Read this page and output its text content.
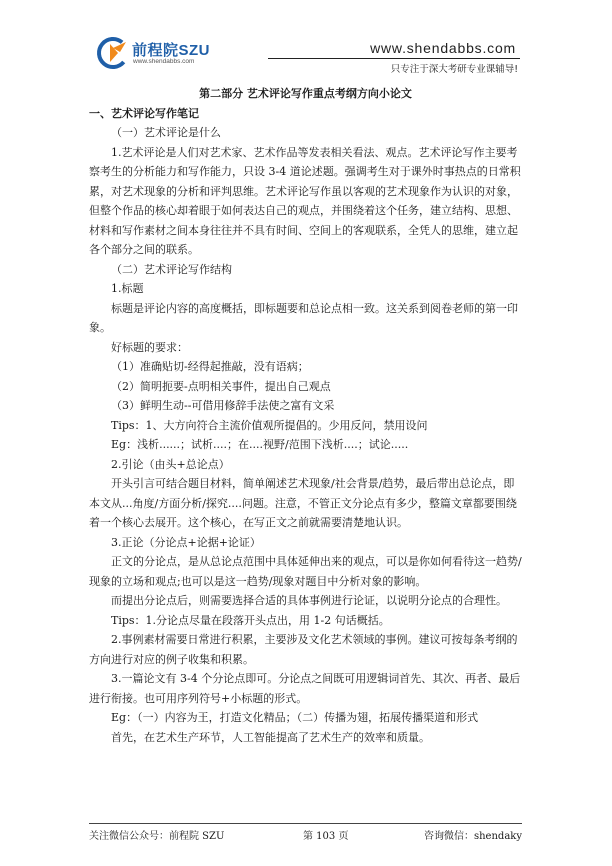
前程院SZU
www.shendabbs.com
www.shendabbs.com
只专注于深大考研专业课辅导!

第二部分 艺术评论写作重点考纲方向小论文

一、艺术评论写作笔记

（一）艺术评论是什么

1.艺术评论是人们对艺术家、艺术作品等发表相关看法、观点。艺术评论写作主要考察考生的分析能力和写作能力，只设 3-4 道论述题。强调考生对于课外时事热点的日常积累，对艺术现象的分析和评判思维。艺术评论写作虽以客观的艺术现象作为认识的对象，但整个作品的核心却着眼于如何表达自己的观点，并围绕着这个任务，建立结构、思想、材料和写作素材之间本身往往并不具有时间、空间上的客观联系，全凭人的思维，建立起各个部分之间的联系。

（二）艺术评论写作结构

1.标题

标题是评论内容的高度概括，即标题要和总论点相一致。这关系到阅卷老师的第一印象。

好标题的要求：

（1）准确贴切-经得起推敲，没有语病；

（2）简明扼要-点明相关事件，提出自己观点

（3）鲜明生动--可借用修辞手法使之富有文采

Tips：1、大方向符合主流价值观所提倡的。少用反问，禁用设问

Eg：浅析......；试析....；在....视野/范围下浅析....；试论.....

2.引论（由头+总论点）

开头引言可结合题目材料，简单阐述艺术现象/社会背景/趋势，最后带出总论点，即本文从...角度/方面分析/探究....问题。注意，不管正文分论点有多少，整篇文章都要围绕着一个核心去展开。这个核心，在写正文之前就需要清楚地认识。

3.正论（分论点+论据+论证）

正文的分论点，是从总论点范围中具体延伸出来的观点，可以是你如何看待这一趋势/现象的立场和观点;也可以是这一趋势/现象对题目中分析对象的影响。

而提出分论点后，则需要选择合适的具体事例进行论证，以说明分论点的合理性。

Tips：1.分论点尽量在段落开头点出，用 1-2 句话概括。

2.事例素材需要日常进行积累，主要涉及文化艺术领域的事例。建议可按每条考纲的方向进行对应的例子收集和积累。

3.一篇论文有 3-4 个分论点即可。分论点之间既可用逻辑词首先、其次、再者、最后进行衔接。也可用序列符号+小标题的形式。

Eg：（一）内容为王，打造文化精品；（二）传播为翅，拓展传播渠道和形式

首先，在艺术生产环节，人工智能提高了艺术生产的效率和质量。

关注微信公众号：前程院 SZU	第 103 页	咨询微信：shendaky
